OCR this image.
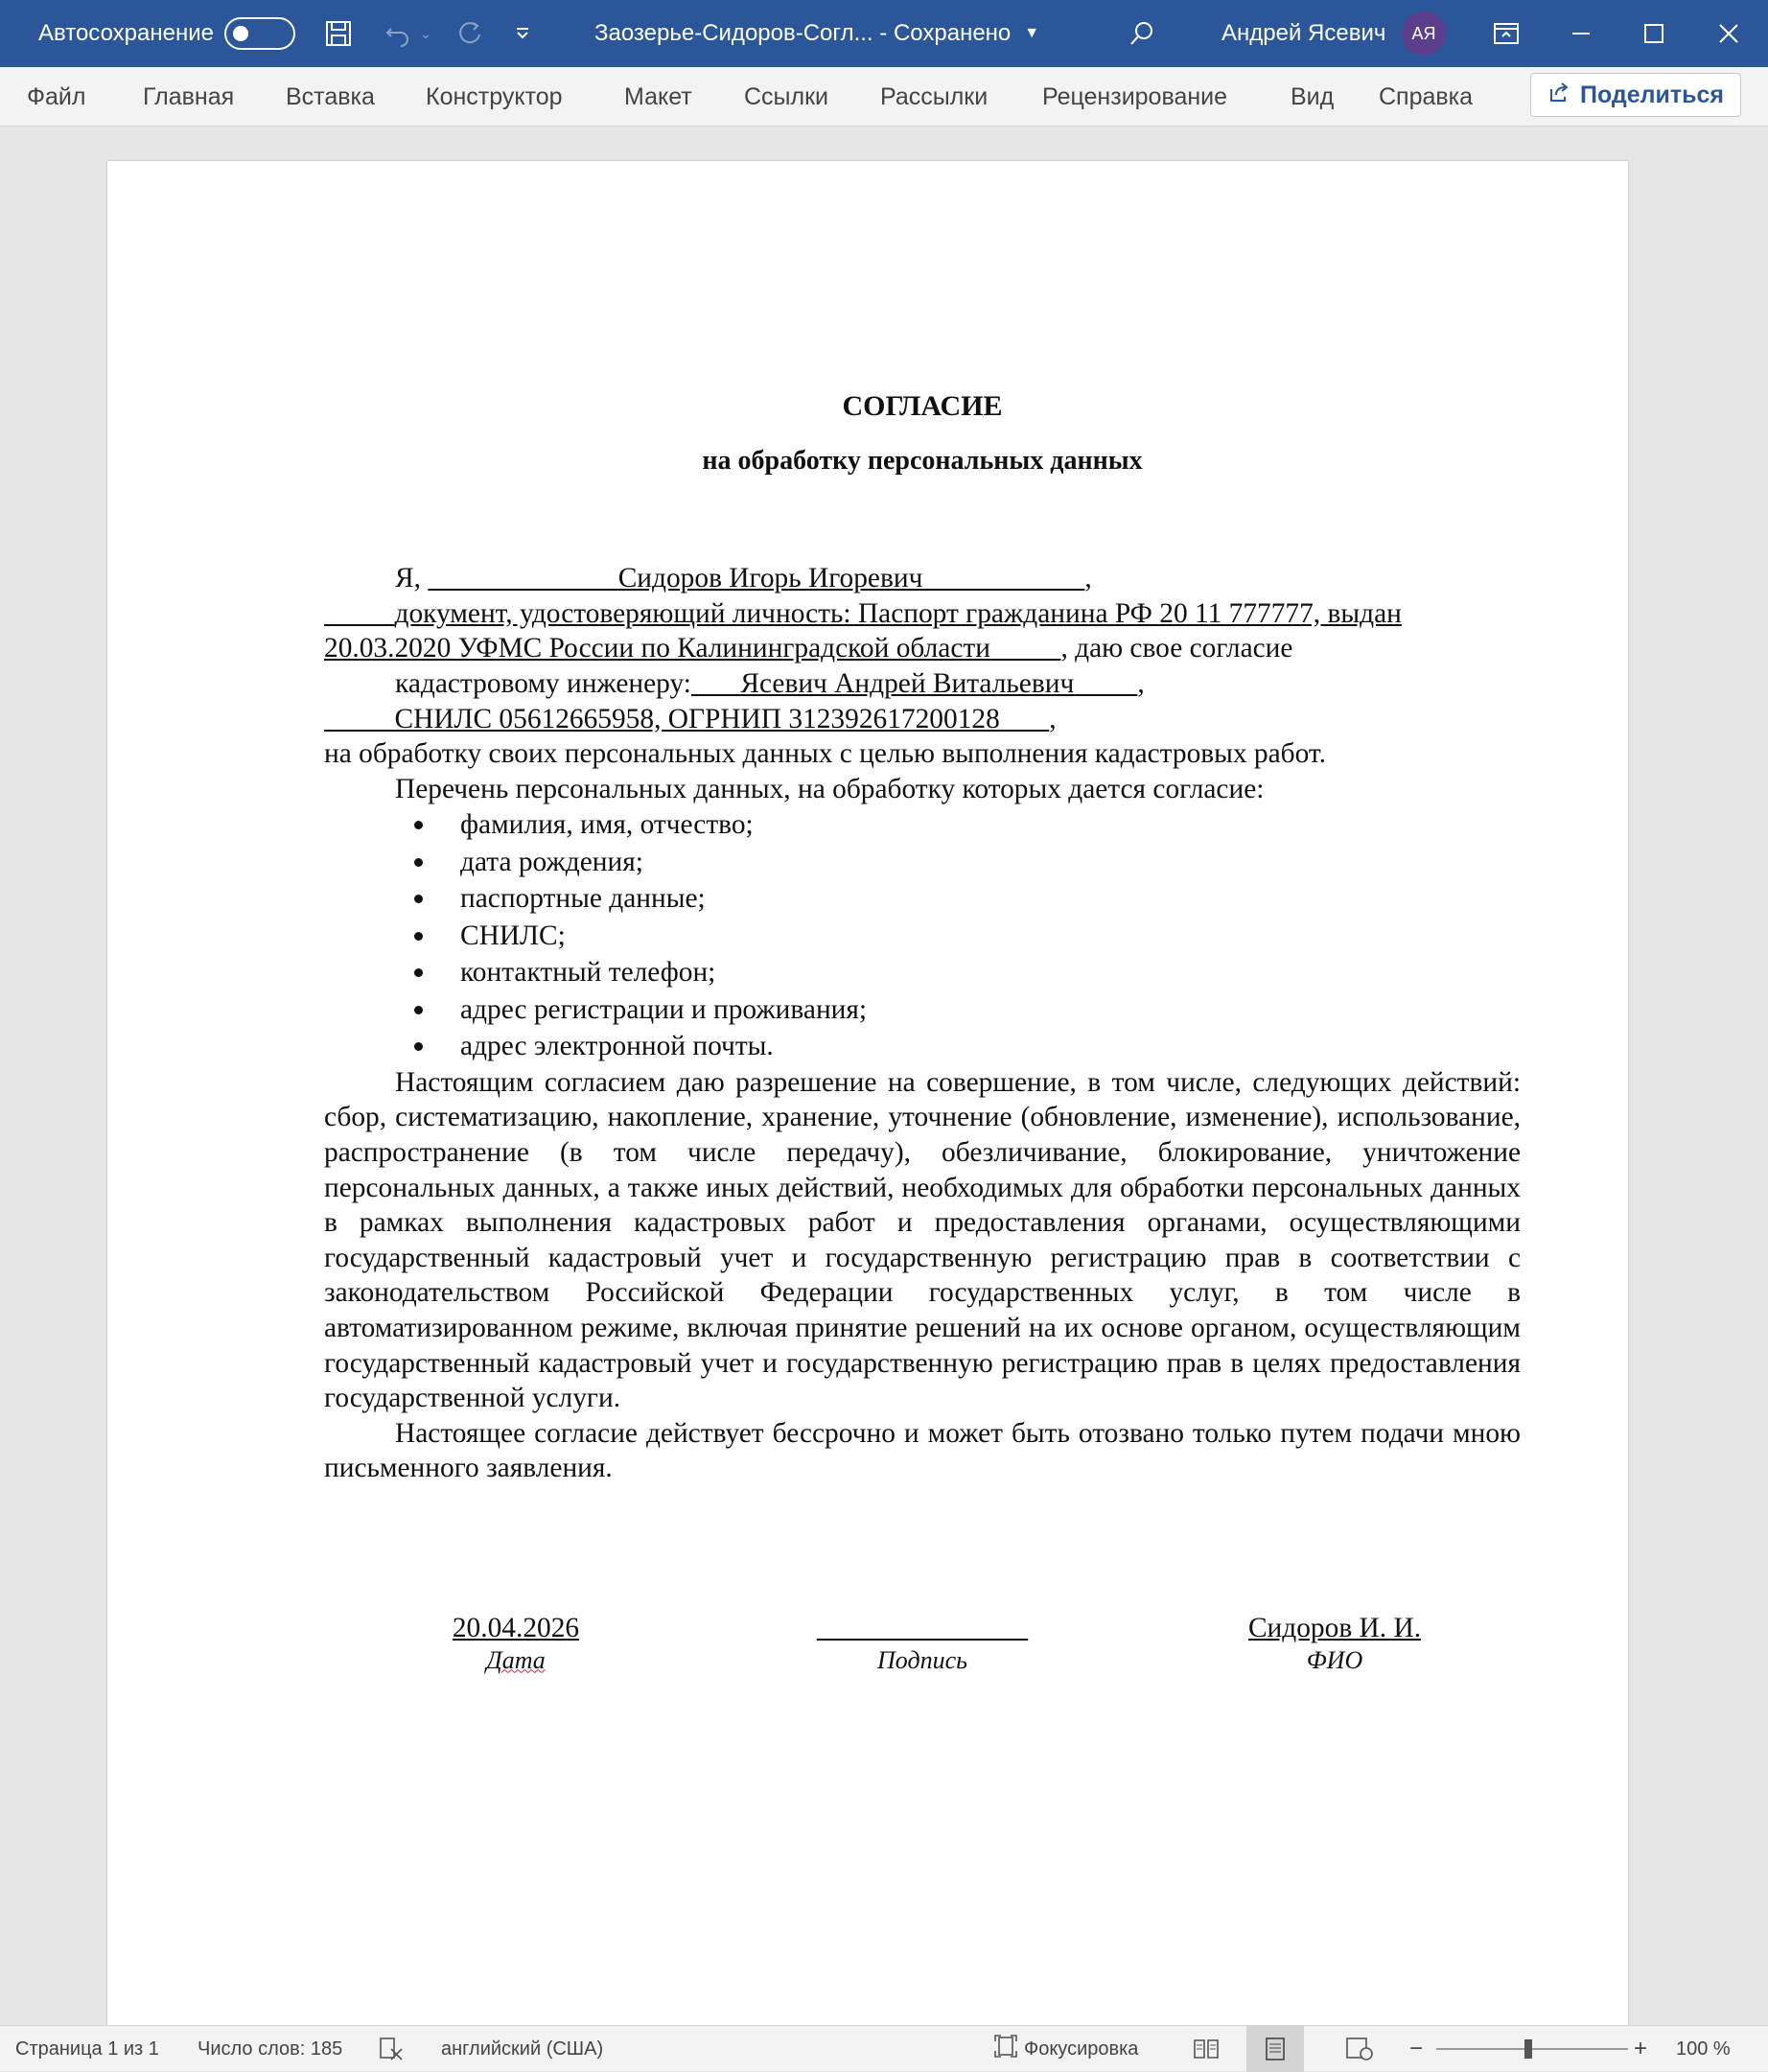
Автосохранение	⌄	Заозерье-Сидоров-Согл... - Сохранено ▼	Андрей Ясевич	АЯ
Файл Главная Вставка Конструктор	Макет Ссылки Рассылки Рецензирование	Вид Справка	Поделиться

СОГЛАСИЕ

на обработку персональных данных

Я,	Сидоров Игорь Игоревич	,

документ, удостоверяющий личность: Паспорт гражданина РФ 20 11 777777, выдан 20.03.2020 УФМС России по Калининградской области , даю свое согласие

кадастровому инженеру: Ясевич Андрей Витальевич ,

СНИЛС 05612665958, ОГРНИП 312392617200128 ,

на обработку своих персональных данных с целью выполнения кадастровых работ.

Перечень персональных данных, на обработку которых дается согласие:

фамилия, имя, отчество;
дата рождения;
паспортные данные;
СНИЛС;
контактный телефон;
адрес регистрации и проживания;
адрес электронной почты.

Настоящим согласием даю разрешение на совершение, в том числе, следующих действий: сбор, систематизацию, накопление, хранение, уточнение (обновление, изменение), использование, распространение (в том числе передачу), обезличивание, блокирование, уничтожение персональных данных, а также иных действий, необходимых для обработки персональных данных в рамках выполнения кадастровых работ и предоставления органами, осуществляющими государственный кадастровый учет и государственную регистрацию прав в соответствии с законодательством Российской Федерации государственных услуг, в том числе в автоматизированном режиме, включая принятие решений на их основе органом, осуществляющим государственный кадастровый учет и государственную регистрацию прав в целях предоставления государственной услуги.

Настоящее согласие действует бессрочно и может быть отозвано только путем подачи мною письменного заявления.

20.04.2026
Дата
	Подпись
Сидоров И. И.
ФИО
Страница 1 из 1 Число слов: 185	английский (США)	Фокусировка	−	+ 100 %
